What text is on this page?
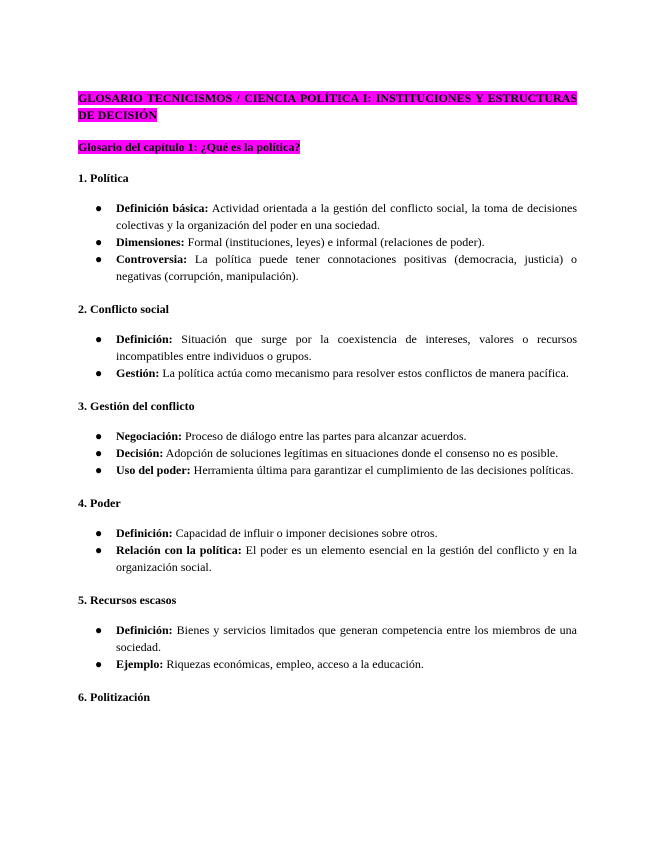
GLOSARIO TECNICISMOS / CIENCIA POLÍTICA I: INSTITUCIONES Y ESTRUCTURAS DE DECISIÓN

Glosario del capítulo 1: ¿Qué es la política?

1. Política

● Definición básica: Actividad orientada a la gestión del conflicto social, la toma de decisiones colectivas y la organización del poder en una sociedad.
● Dimensiones: Formal (instituciones, leyes) e informal (relaciones de poder).
● Controversia: La política puede tener connotaciones positivas (democracia, justicia) o negativas (corrupción, manipulación).

2. Conflicto social

● Definición: Situación que surge por la coexistencia de intereses, valores o recursos incompatibles entre individuos o grupos.
● Gestión: La política actúa como mecanismo para resolver estos conflictos de manera pacífica.

3. Gestión del conflicto

● Negociación: Proceso de diálogo entre las partes para alcanzar acuerdos.
● Decisión: Adopción de soluciones legítimas en situaciones donde el consenso no es posible.
● Uso del poder: Herramienta última para garantizar el cumplimiento de las decisiones políticas.

4. Poder

● Definición: Capacidad de influir o imponer decisiones sobre otros.
● Relación con la política: El poder es un elemento esencial en la gestión del conflicto y en la organización social.

5. Recursos escasos

● Definición: Bienes y servicios limitados que generan competencia entre los miembros de una sociedad.
● Ejemplo: Riquezas económicas, empleo, acceso a la educación.

6. Politización
